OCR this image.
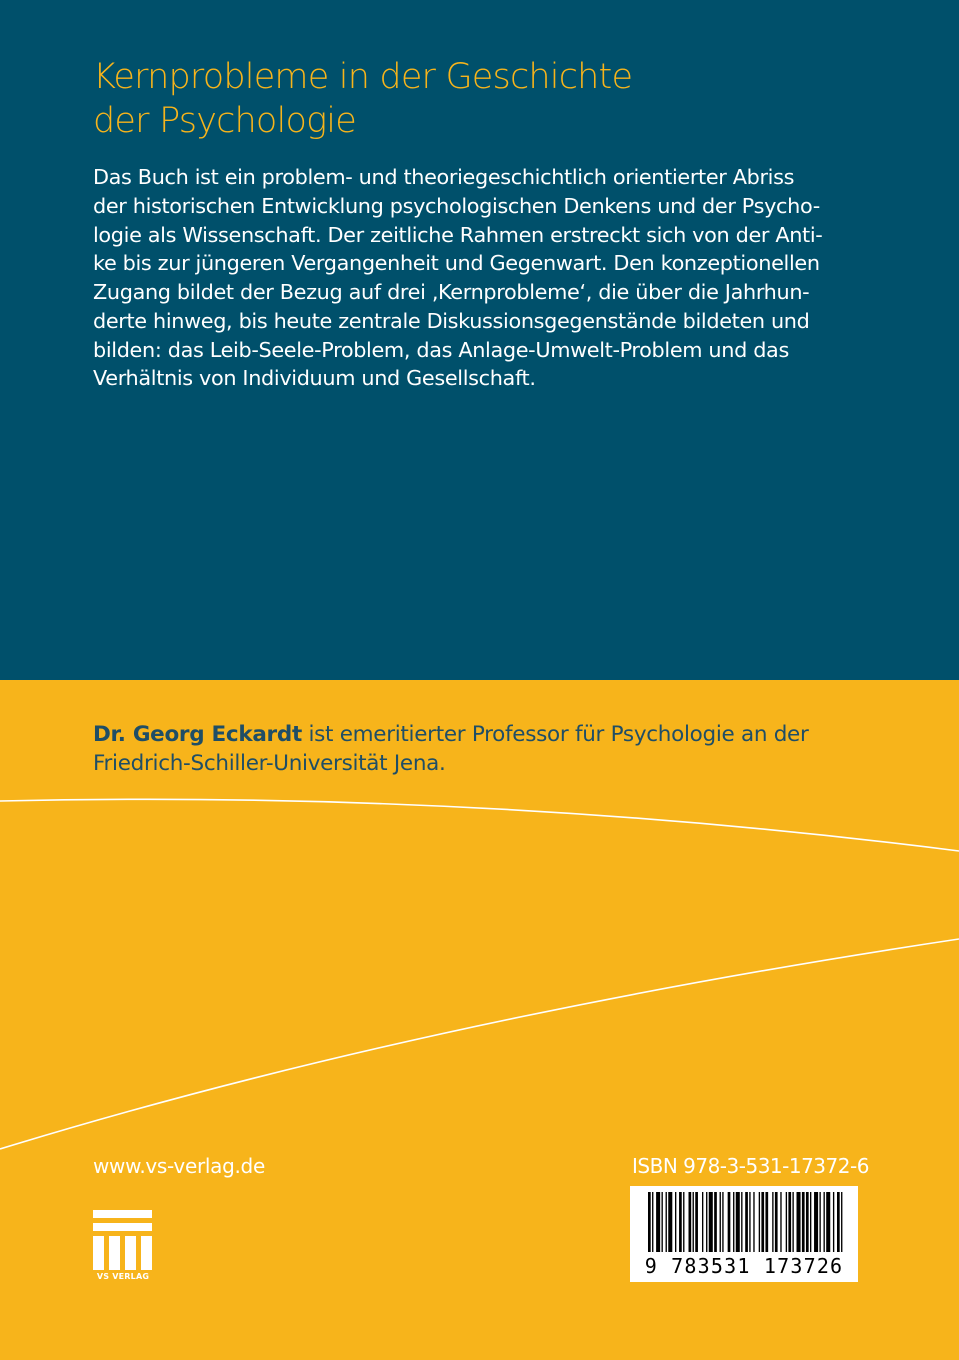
Kernprobleme in der Geschichte
der Psychologie
Das Buch ist ein problem- und theoriegeschichtlich orientierter Abriss
der historischen Entwicklung psychologischen Denkens und der Psycho-
logie als Wissenschaft. Der zeitliche Rahmen erstreckt sich von der Anti-
ke bis zur jüngeren Vergangenheit und Gegenwart. Den konzeptionellen
Zugang bildet der Bezug auf drei ‚Kernprobleme‘, die über die Jahrhun-
derte hinweg, bis heute zentrale Diskussionsgegenstände bildeten und
bilden: das Leib-Seele-Problem, das Anlage-Umwelt-Problem und das
Verhältnis von Individuum und Gesellschaft.
Dr. Georg Eckardt ist emeritierter Professor für Psychologie an der
Friedrich-Schiller-Universität Jena.
www.vs-verlag.de
VS VERLAG
ISBN 978-3-531-17372-6
9 783531 173726
